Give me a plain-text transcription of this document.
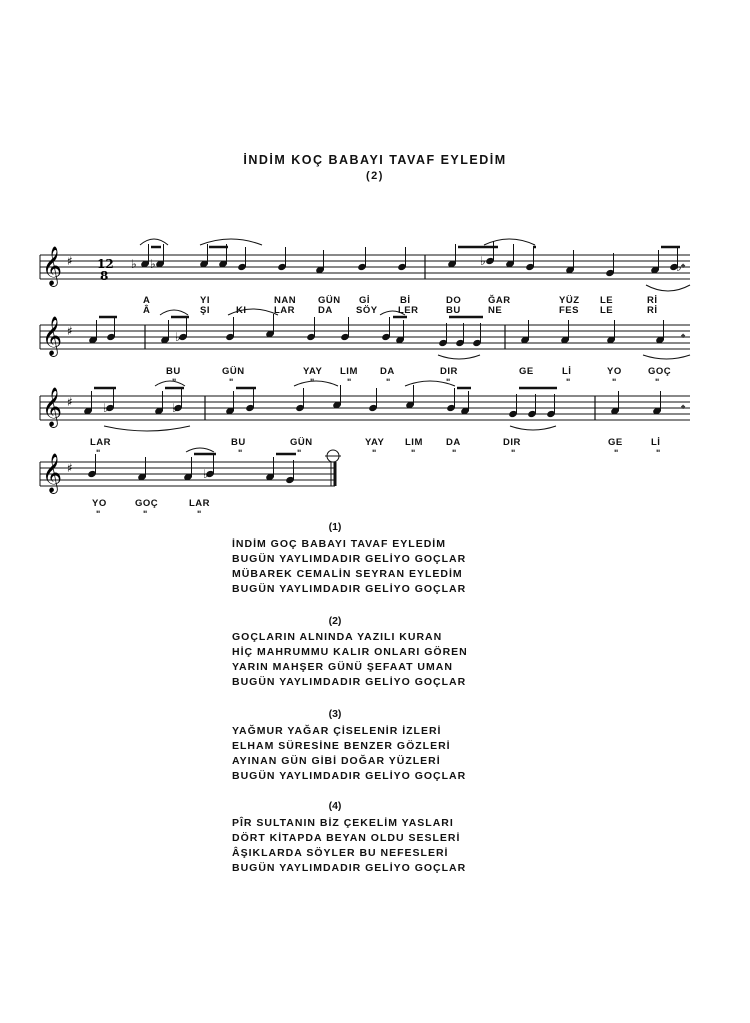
İNDİM KOÇ BABAYI TAVAF EYLEDİM
(2)
𝄌
𝄞 ♯
𝄌
𝄞 ♯
𝄌
𝄞 ♯
𝄞 ♯
♭ ♭	♭	♭
♭
♭	♭
♭
12
8
A	YI	NAN GÜN Gİ	Bİ	DO	ĞAR	YÜZ LE	Rİ
Â	ŞI	KI	LAR DA SÖY LER	BU	NE	FES LE	Rİ
BU	GÜN	YAY LIM DA	DIR	GE	Lİ	YO	GOÇ
ʺ	ʺ	ʺ	ʺ	ʺ	ʺ	ʺ	ʺ	ʺ
LAR	BU	GÜN	YAY LIM DA	DIR	GE	Lİ
ʺ	ʺ	ʺ	ʺ	ʺ	ʺ	ʺ	ʺ	ʺ
YO	GOÇ	LAR
ʺ	ʺ	ʺ
(1)
İNDİM GOÇ BABAYI TAVAF EYLEDİM
BUGÜN YAYLIMDADIR GELİYO GOÇLAR
MÜBAREK CEMALİN SEYRAN EYLEDİM
BUGÜN YAYLIMDADIR GELİYO GOÇLAR
(2)
GOÇLARIN ALNINDA YAZILI KURAN
HİÇ MAHRUMMU KALIR ONLARI GÖREN
YARIN MAHŞER GÜNÜ ŞEFAAT UMAN
BUGÜN YAYLIMDADIR GELİYO GOÇLAR
(3)
YAĞMUR YAĞAR ÇİSELENİR İZLERİ
ELHAM SÜRESİNE BENZER GÖZLERİ
AYINAN GÜN GİBİ DOĞAR YÜZLERİ
BUGÜN YAYLIMDADIR GELİYO GOÇLAR
(4)
PÎR SULTANIN BİZ ÇEKELİM YASLARI
DÖRT KİTAPDA BEYAN OLDU SESLERİ
ÂŞIKLARDA SÖYLER BU NEFESLERİ
BUGÜN YAYLIMDADIR GELİYO GOÇLAR
